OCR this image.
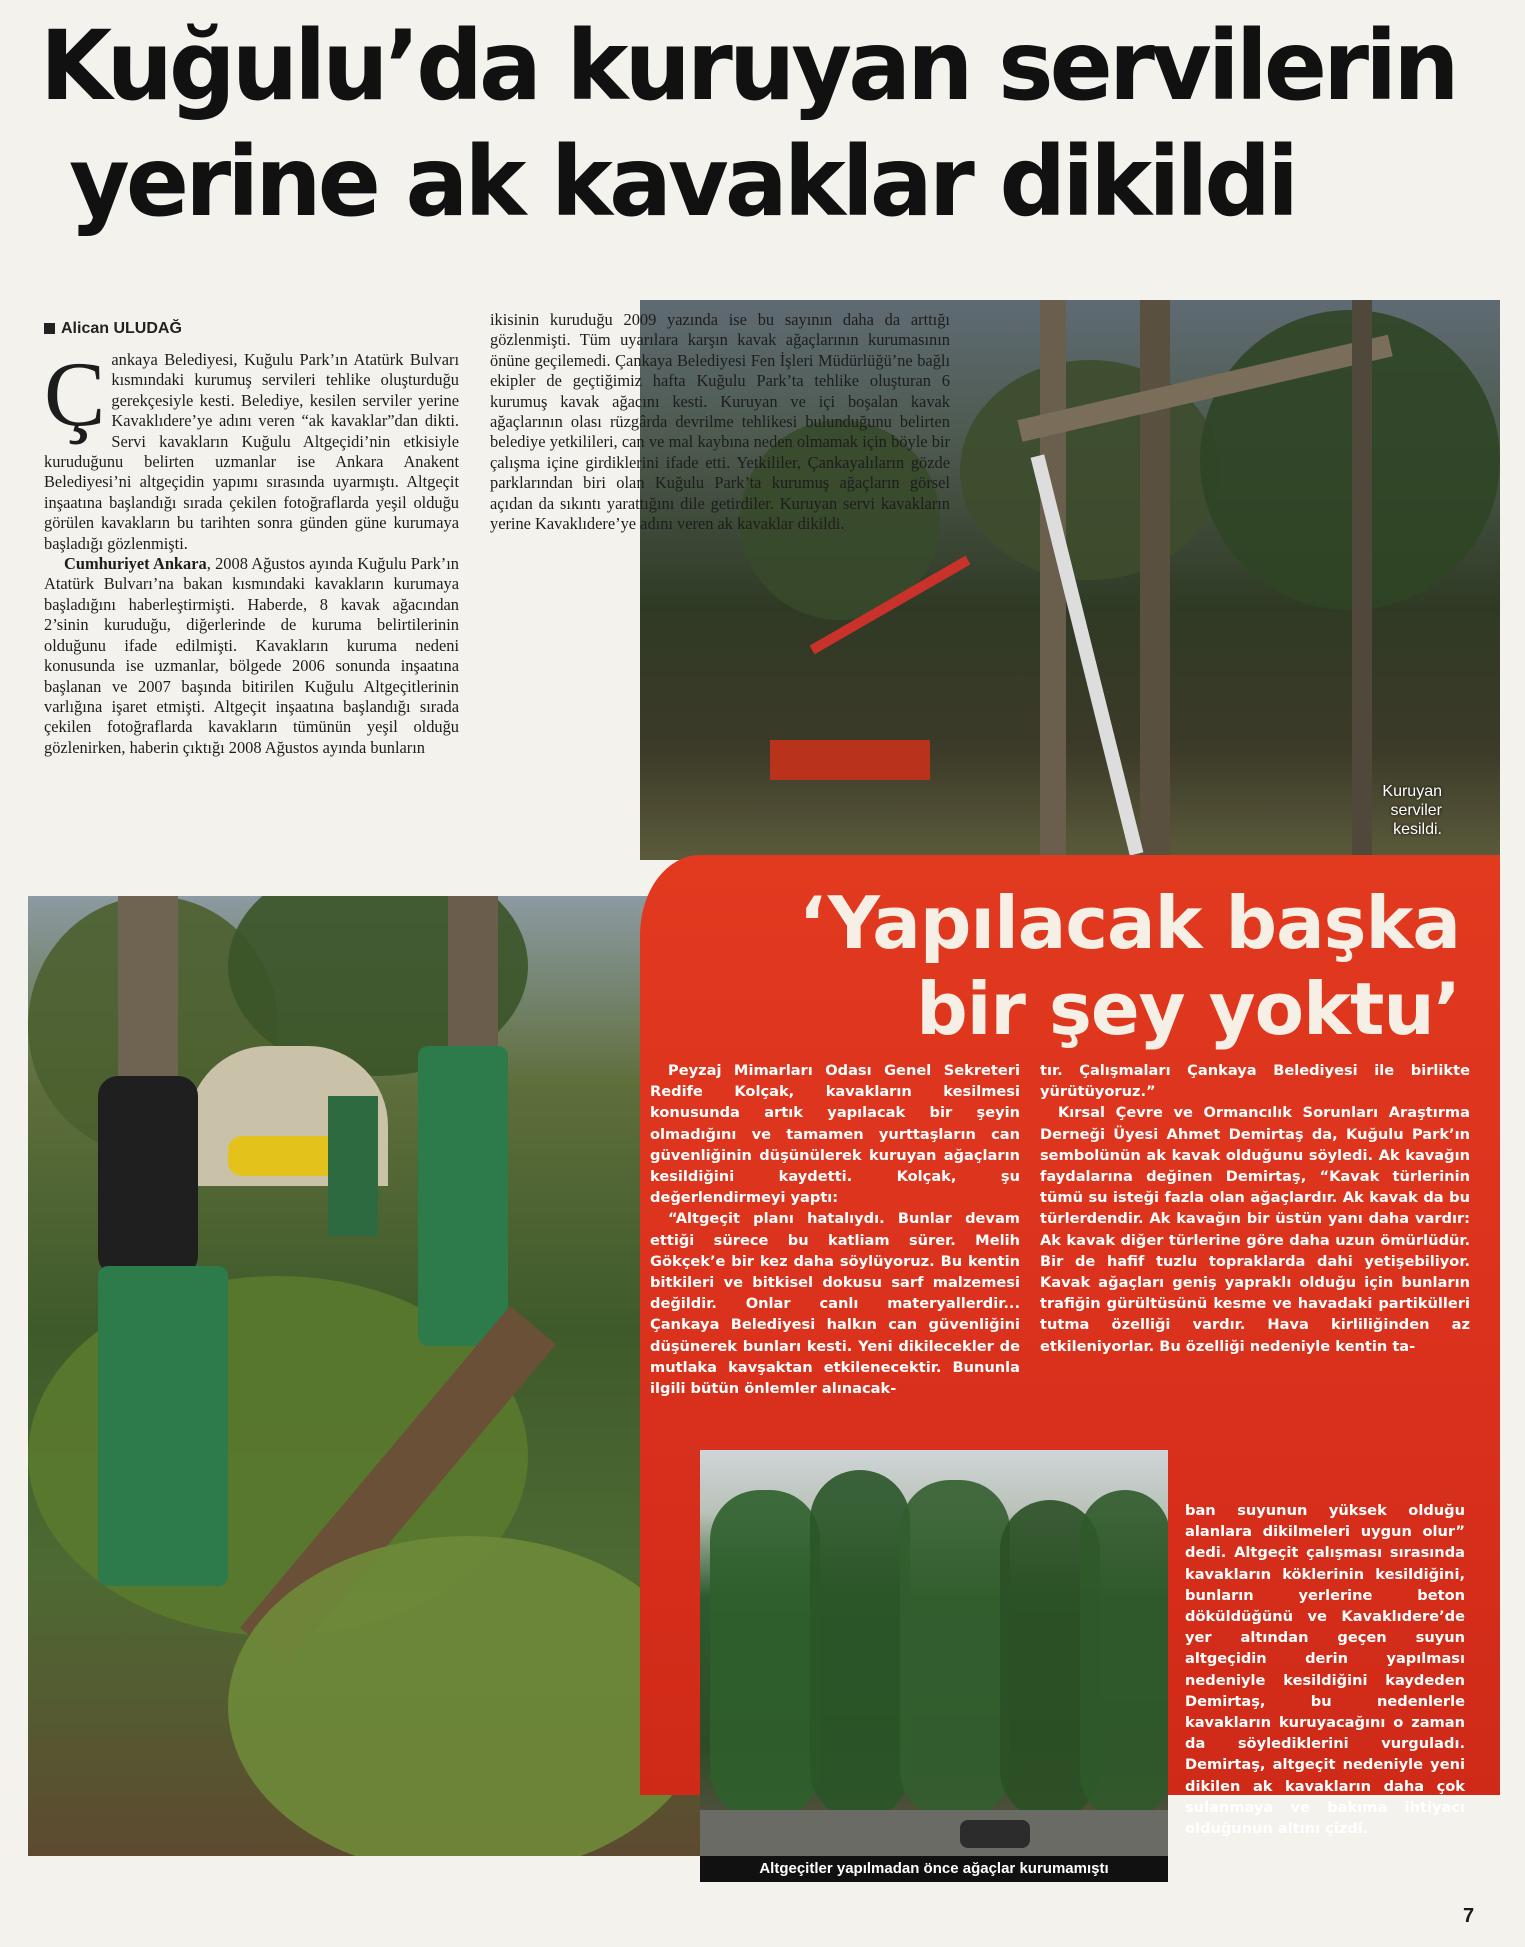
Kuğulu’da kuruyan servilerin
yerine ak kavaklar dikildi
Alican ULUDAĞ

Çankaya Belediyesi, Kuğulu Park’ın Atatürk Bulvarı kısmındaki kurumuş servileri tehlike oluşturduğu gerekçesiyle kesti. Belediye, kesilen serviler yerine Kavaklıdere’ye adını veren “ak kavaklar”dan dikti. Servi kavakların Kuğulu Altgeçidi’nin etkisiyle kuruduğunu belirten uzmanlar ise Ankara Anakent Belediyesi’ni altgeçidin yapımı sırasında uyarmıştı. Altgeçit inşaatına başlandığı sırada çekilen fotoğraflarda yeşil olduğu görülen kavakların bu tarihten sonra günden güne kurumaya başladığı gözlenmişti.

Cumhuriyet Ankara, 2008 Ağustos ayında Kuğulu Park’ın Atatürk Bulvarı’na bakan kısmındaki kavakların kurumaya başladığını haberleştirmişti. Haberde, 8 kavak ağacından 2’sinin kuruduğu, diğerlerinde de kuruma belirtilerinin olduğunu ifade edilmişti. Kavakların kuruma nedeni konusunda ise uzmanlar, bölgede 2006 sonunda inşaatına başlanan ve 2007 başında bitirilen Kuğulu Altgeçitlerinin varlığına işaret etmişti. Altgeçit inşaatına başlandığı sırada çekilen fotoğraflarda kavakların tümünün yeşil olduğu gözlenirken, haberin çıktığı 2008 Ağustos ayında bunların

Kuruyan serviler kesildi.
‘Yapılacak başka
bir şey yoktu’

ikisinin kuruduğu 2009 yazında ise bu sayının daha da arttığı gözlenmişti. Tüm uyarılara karşın kavak ağaçlarının kurumasının önüne geçilemedi. Çankaya Belediyesi Fen İşleri Müdürlüğü’ne bağlı ekipler de geçtiğimiz hafta Kuğulu Park’ta tehlike oluşturan 6 kurumuş kavak ağacını kesti. Kuruyan ve içi boşalan kavak ağaçlarının olası rüzgârda devrilme tehlikesi bulunduğunu belirten belediye yetkilileri, can ve mal kaybına neden olmamak için böyle bir çalışma içine girdiklerini ifade etti. Yetkililer, Çankayalıların gözde parklarından biri olan Kuğulu Park’ta kurumuş ağaçların görsel açıdan da sıkıntı yarattığını dile getirdiler. Kuruyan servi kavakların yerine Kavaklıdere’ye adını veren ak kavaklar dikildi.

Peyzaj Mimarları Odası Genel Sekreteri Redife Kolçak, kavakların kesilmesi konusunda artık yapılacak bir şeyin olmadığını ve tamamen yurttaşların can güvenliğinin düşünülerek kuruyan ağaçların kesildiğini kaydetti. Kolçak, şu değerlendirmeyi yaptı:

“Altgeçit planı hatalıydı. Bunlar devam ettiği sürece bu katliam sürer. Melih Gökçek’e bir kez daha söylüyoruz. Bu kentin bitkileri ve bitkisel dokusu sarf malzemesi değildir. Onlar canlı materyallerdir... Çankaya Belediyesi halkın can güvenliğini düşünerek bunları kesti. Yeni dikilecekler de mutlaka kavşaktan etkilenecektir. Bununla ilgili bütün önlemler alınacak-

tır. Çalışmaları Çankaya Belediyesi ile birlikte yürütüyoruz.”

Kırsal Çevre ve Ormancılık Sorunları Araştırma Derneği Üyesi Ahmet Demirtaş da, Kuğulu Park’ın sembolünün ak kavak olduğunu söyledi. Ak kavağın faydalarına değinen Demirtaş, “Kavak türlerinin tümü su isteği fazla olan ağaçlardır. Ak kavak da bu türlerdendir. Ak kavağın bir üstün yanı daha vardır: Ak kavak diğer türlerine göre daha uzun ömürlüdür. Bir de hafif tuzlu topraklarda dahi yetişebiliyor. Kavak ağaçları geniş yapraklı olduğu için bunların trafiğin gürültüsünü kesme ve havadaki partikülleri tutma özelliği vardır. Hava kirliliğinden az etkileniyorlar. Bu özelliği nedeniyle kentin ta-

ban suyunun yüksek olduğu alanlara dikilmeleri uygun olur” dedi. Altgeçit çalışması sırasında kavakların köklerinin kesildiğini, bunların yerlerine beton döküldüğünü ve Kavaklıdere’de yer altından geçen suyun altgeçidin derin yapılması nedeniyle kesildiğini kaydeden Demirtaş, bu nedenlerle kavakların kuruyacağını o zaman da söylediklerini vurguladı. Demirtaş, altgeçit nedeniyle yeni dikilen ak kavakların daha çok sulanmaya ve bakıma ihtiyacı olduğunun altını çizdi.

Altgeçitler yapılmadan önce ağaçlar kurumamıştı
7
